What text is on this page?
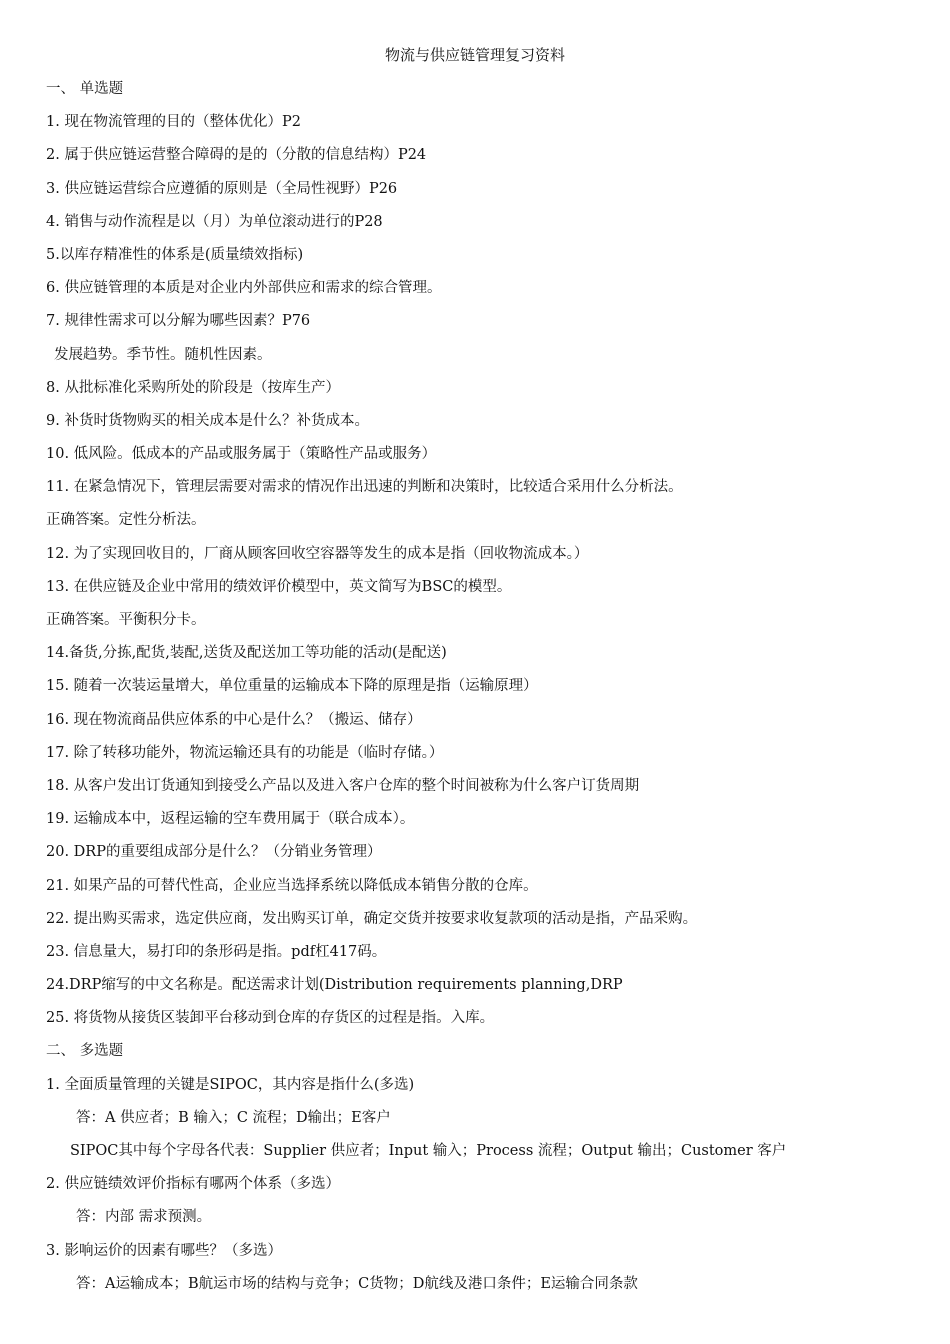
物流与供应链管理复习资料
一、 单选题
1. 现在物流管理的目的（整体优化）P2
2. 属于供应链运营整合障碍的是的（分散的信息结构）P24
3. 供应链运营综合应遵循的原则是（全局性视野）P26
4. 销售与动作流程是以（月）为单位滚动进行的P28
5.以库存精准性的体系是(质量绩效指标)
6. 供应链管理的本质是对企业内外部供应和需求的综合管理。
7. 规律性需求可以分解为哪些因素？P76
发展趋势。季节性。随机性因素。
8. 从批标准化采购所处的阶段是（按库生产）
9. 补货时货物购买的相关成本是什么？补货成本。
10. 低风险。低成本的产品或服务属于（策略性产品或服务）
11. 在紧急情况下，管理层需要对需求的情况作出迅速的判断和决策时，比较适合采用什么分析法。
正确答案。定性分析法。
12. 为了实现回收目的，厂商从顾客回收空容器等发生的成本是指（回收物流成本。）
13. 在供应链及企业中常用的绩效评价模型中，英文简写为BSC的模型。
正确答案。平衡积分卡。
14.备货,分拣,配货,装配,送货及配送加工等功能的活动(是配送)
15. 随着一次装运量增大，单位重量的运输成本下降的原理是指（运输原理）
16. 现在物流商品供应体系的中心是什么？（搬运、储存）
17. 除了转移功能外，物流运输还具有的功能是（临时存储。）
18. 从客户发出订货通知到接受么产品以及进入客户仓库的整个时间被称为什么客户订货周期
19. 运输成本中，返程运输的空车费用属于（联合成本）。
20. DRP的重要组成部分是什么？（分销业务管理）
21. 如果产品的可替代性高，企业应当选择系统以降低成本销售分散的仓库。
22. 提出购买需求，选定供应商，发出购买订单，确定交货并按要求收复款项的活动是指，产品采购。
23. 信息量大，易打印的条形码是指。pdf杠417码。
24.DRP缩写的中文名称是。配送需求计划(Distribution requirements planning,DRP
25. 将货物从接货区装卸平台移动到仓库的存货区的过程是指。入库。
二、 多选题
1. 全面质量管理的关键是SIPOC，其内容是指什么(多选)
答：A 供应者；B 输入；C 流程；D输出；E客户
SIPOC其中每个字母各代表：Supplier 供应者；Input 输入；Process 流程；Output 输出；Customer 客户
2. 供应链绩效评价指标有哪两个体系（多选）
答：内部 需求预测。
3. 影响运价的因素有哪些？（多选）
答：A运输成本；B航运市场的结构与竞争；C货物；D航线及港口条件；E运输合同条款
